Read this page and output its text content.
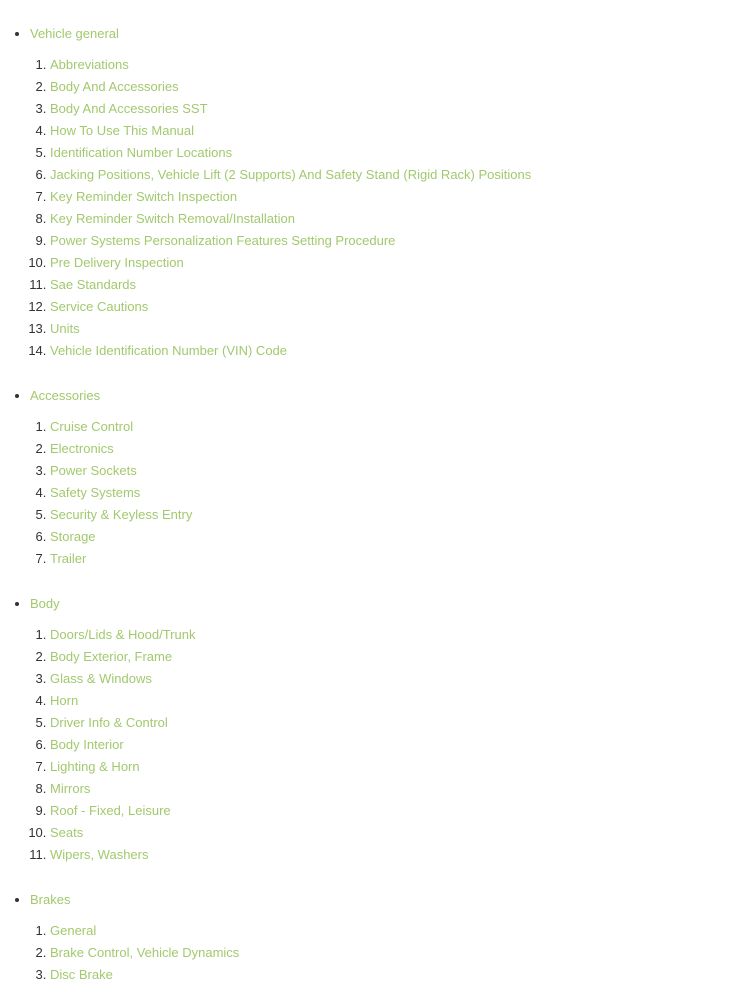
• Vehicle general
1. Abbreviations
2. Body And Accessories
3. Body And Accessories SST
4. How To Use This Manual
5. Identification Number Locations
6. Jacking Positions, Vehicle Lift (2 Supports) And Safety Stand (Rigid Rack) Positions
7. Key Reminder Switch Inspection
8. Key Reminder Switch Removal/Installation
9. Power Systems Personalization Features Setting Procedure
10. Pre Delivery Inspection
11. Sae Standards
12. Service Cautions
13. Units
14. Vehicle Identification Number (VIN) Code
• Accessories
1. Cruise Control
2. Electronics
3. Power Sockets
4. Safety Systems
5. Security & Keyless Entry
6. Storage
7. Trailer
• Body
1. Doors/Lids & Hood/Trunk
2. Body Exterior, Frame
3. Glass & Windows
4. Horn
5. Driver Info & Control
6. Body Interior
7. Lighting & Horn
8. Mirrors
9. Roof - Fixed, Leisure
10. Seats
11. Wipers, Washers
• Brakes
1. General
2. Brake Control, Vehicle Dynamics
3. Disc Brake
